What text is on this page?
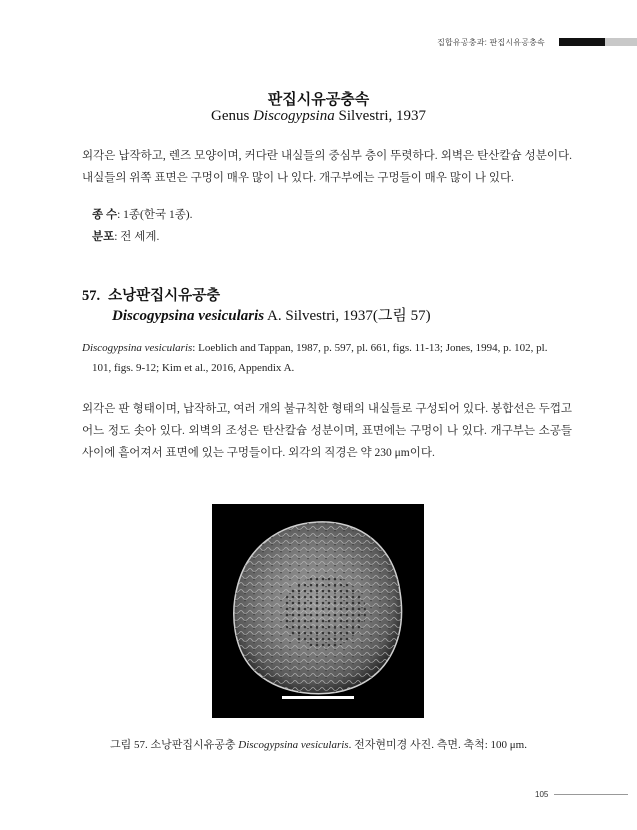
집합유공충과: 판집시유공충속
판집시유공충속
Genus Discogypsina Silvestri, 1937
외각은 납작하고, 렌즈 모양이며, 커다란 내실들의 중심부 층이 뚜렷하다. 외벽은 탄산칼슘 성분이다. 내실들의 위쪽 표면은 구멍이 매우 많이 나 있다. 개구부에는 구멍들이 매우 많이 나 있다.
종 수: 1종(한국 1종).
분포: 전 세계.
57. 소낭판집시유공충
Discogypsina vesicularis A. Silvestri, 1937(그림 57)
Discogypsina vesicularis: Loeblich and Tappan, 1987, p. 597, pl. 661, figs. 11-13; Jones, 1994, p. 102, pl.
101, figs. 9-12; Kim et al., 2016, Appendix A.
외각은 판 형태이며, 납작하고, 여러 개의 불규칙한 형태의 내실들로 구성되어 있다. 봉합선은 두껍고 어느 정도 솟아 있다. 외벽의 조성은 탄산칼슘 성분이며, 표면에는 구멍이 나 있다. 개구부는 소공들 사이에 흩어져서 표면에 있는 구멍들이다. 외각의 직경은 약 230 μm이다.
그림 57. 소낭판집시유공충 Discogypsina vesicularis. 전자현미경 사진. 측면. 축척: 100 μm.
105
